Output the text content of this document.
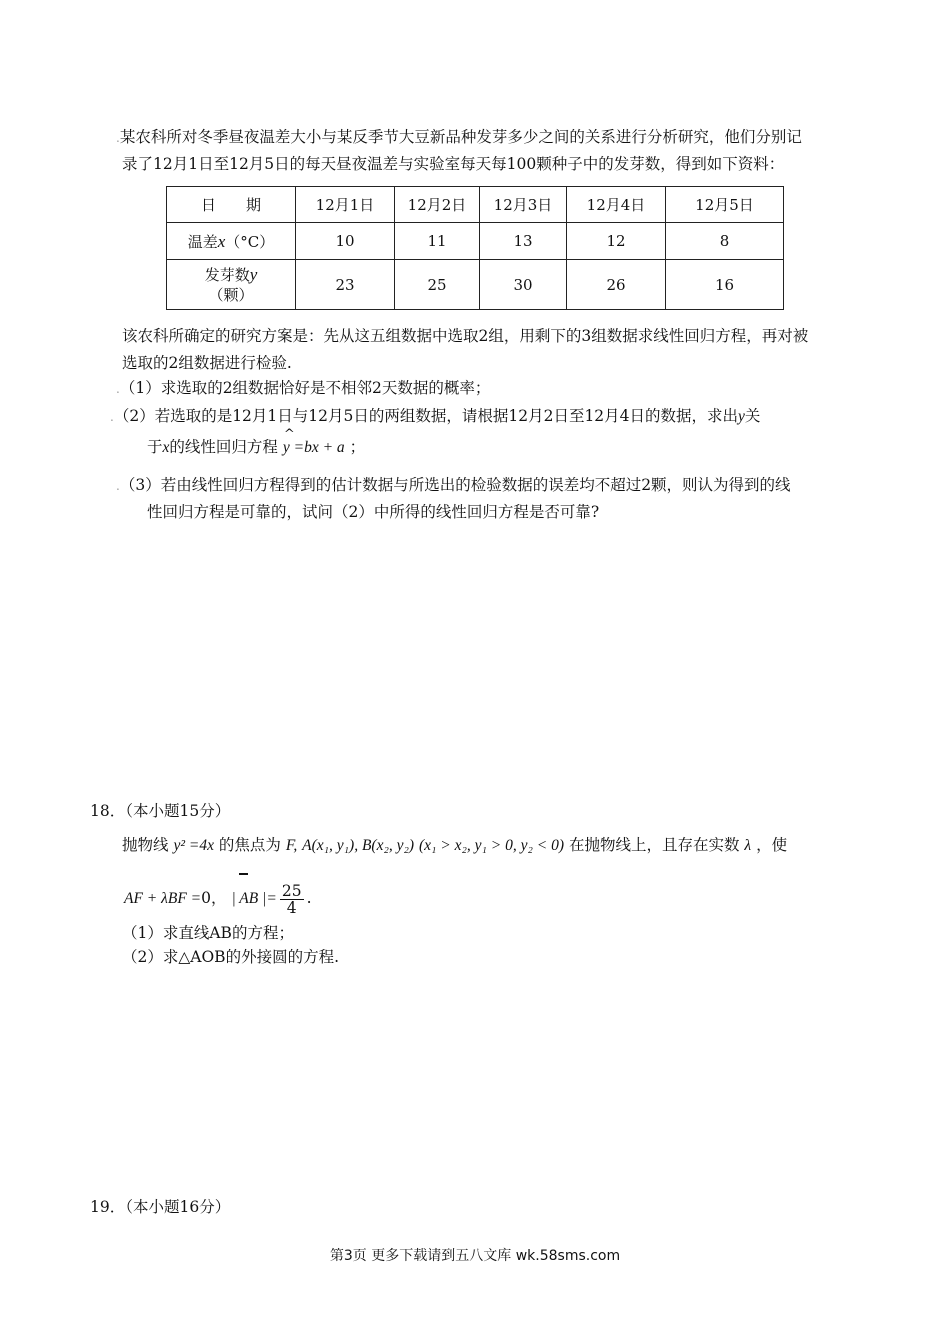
.某农科所对冬季昼夜温差大小与某反季节大豆新品种发芽多少之间的关系进行分析研究，他们分别记
录了12月1日至12月5日的每天昼夜温差与实验室每天每100颗种子中的发芽数，得到如下资料：
日　　期	12月1日	12月2日	12月3日	12月4日	12月5日
温差x（°C）	10	11	13	12	8
发芽数y
（颗）	23	25	30	26	16
该农科所确定的研究方案是：先从这五组数据中选取2组，用剩下的3组数据求线性回归方程，再对被
选取的2组数据进行检验.
.（1）求选取的2组数据恰好是不相邻2天数据的概率；
.（2）若选取的是12月1日与12月5日的两组数据，请根据12月2日至12月4日的数据，求出y关
于x的线性回归方程
^
y =bx + a ；
.（3）若由线性回归方程得到的估计数据与所选出的检验数据的误差均不超过2颗，则认为得到的线
性回归方程是可靠的，试问（2）中所得的线性回归方程是否可靠?
18．（本小题15分）
抛物线 y² =4x 的焦点为 F, A(x₁, y₁), B(x₂, y₂) (x₁ > x₂, y₁ > 0, y₂ < 0) 在抛物线上，且存在实数 λ ，使
AF + λBF =0， | AB |= $\frac{25}{4}$ .
（1）求直线AB的方程；
（2）求△AOB的外接圆的方程.
19．（本小题16分）
第3页 更多下载请到五八文库 wk.58sms.com
